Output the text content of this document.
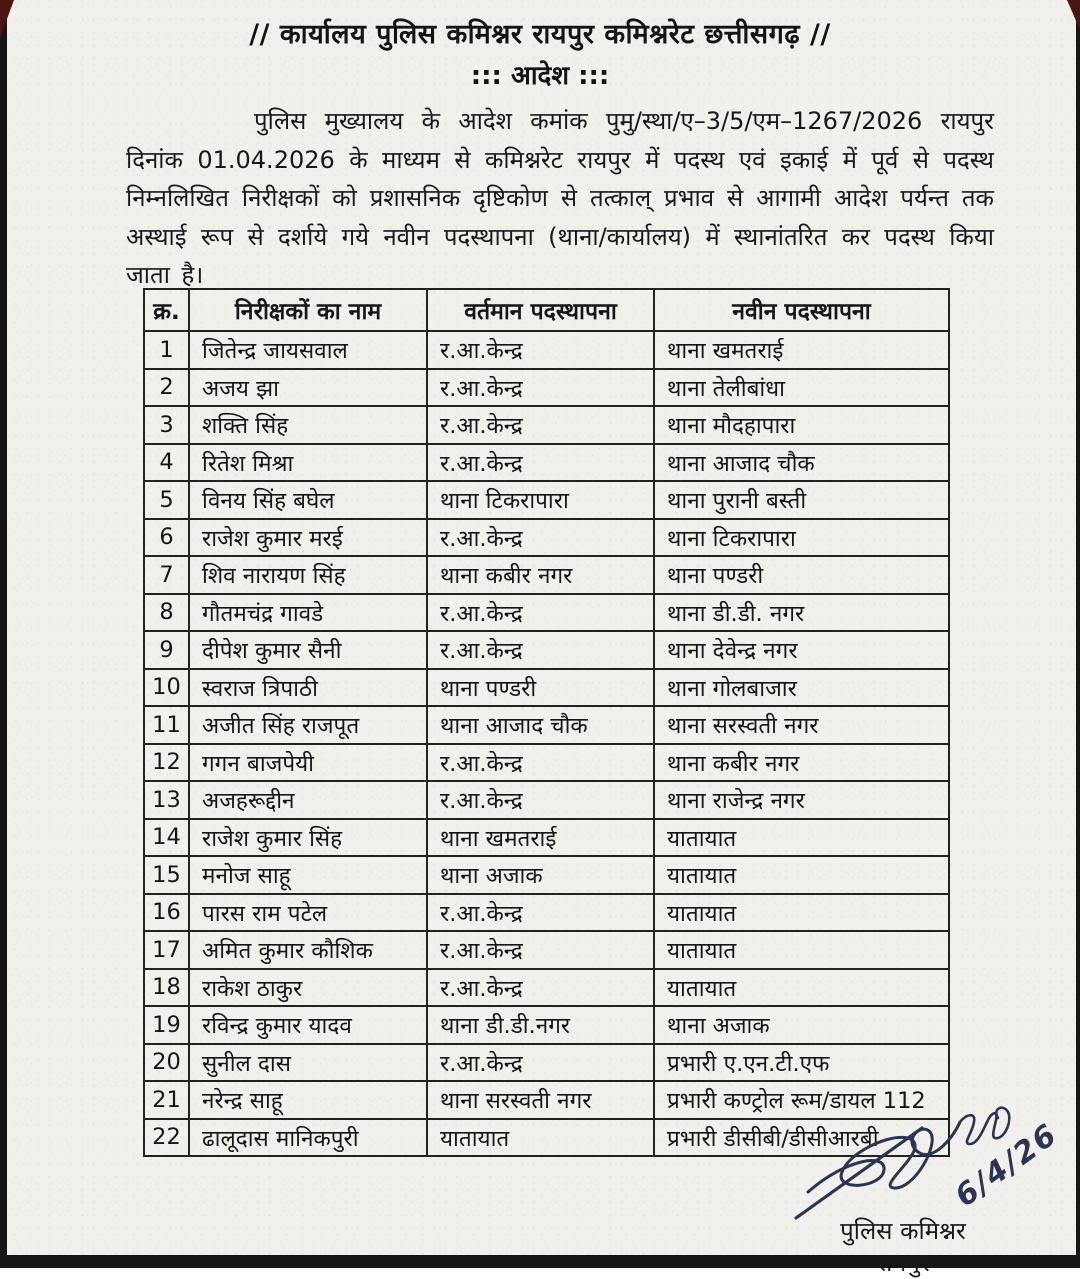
// कार्यालय पुलिस कमिश्नर रायपुर कमिश्नरेट छत्तीसगढ़ //
::: आदेश :::
पुलिस मुख्यालय के आदेश कमांक पुमु/स्था/ए–3/5/एम–1267/2026 रायपुर दिनांक 01.04.2026 के माध्यम से कमिश्नरेट रायपुर में पदस्थ एवं इकाई में पूर्व से पदस्थ निम्नलिखित निरीक्षकों को प्रशासनिक दृष्टिकोण से तत्काल् प्रभाव से आगामी आदेश पर्यन्त तक अस्थाई रूप से दर्शाये गये नवीन पदस्थापना (थाना/कार्यालय) में स्थानांतरित कर पदस्थ किया जाता है।
क्र.	निरीक्षकों का नाम	वर्तमान पदस्थापना	नवीन पदस्थापना
1	जितेन्द्र जायसवाल	र.आ.केन्द्र	थाना खमतराई
2	अजय झा	र.आ.केन्द्र	थाना तेलीबांधा
3	शक्ति सिंह	र.आ.केन्द्र	थाना मौदहापारा
4	रितेश मिश्रा	र.आ.केन्द्र	थाना आजाद चौक
5	विनय सिंह बघेल	थाना टिकरापारा	थाना पुरानी बस्ती
6	राजेश कुमार मरई	र.आ.केन्द्र	थाना टिकरापारा
7	शिव नारायण सिंह	थाना कबीर नगर	थाना पण्डरी
8	गौतमचंद्र गावडे	र.आ.केन्द्र	थाना डी.डी. नगर
9	दीपेश कुमार सैनी	र.आ.केन्द्र	थाना देवेन्द्र नगर
10	स्वराज त्रिपाठी	थाना पण्डरी	थाना गोलबाजार
11	अजीत सिंह राजपूत	थाना आजाद चौक	थाना सरस्वती नगर
12	गगन बाजपेयी	र.आ.केन्द्र	थाना कबीर नगर
13	अजहरूद्दीन	र.आ.केन्द्र	थाना राजेन्द्र नगर
14	राजेश कुमार सिंह	थाना खमतराई	यातायात
15	मनोज साहू	थाना अजाक	यातायात
16	पारस राम पटेल	र.आ.केन्द्र	यातायात
17	अमित कुमार कौशिक	र.आ.केन्द्र	यातायात
18	राकेश ठाकुर	र.आ.केन्द्र	यातायात
19	रविन्द्र कुमार यादव	थाना डी.डी.नगर	थाना अजाक
20	सुनील दास	र.आ.केन्द्र	प्रभारी ए.एन.टी.एफ
21	नरेन्द्र साहू	थाना सरस्वती नगर	प्रभारी कण्ट्रोल रूम/डायल 112
22	ढालूदास मानिकपुरी	यातायात	प्रभारी डीसीबी/डीसीआरबी 6/4/26
पुलिस कमिश्नर
रायपुर
